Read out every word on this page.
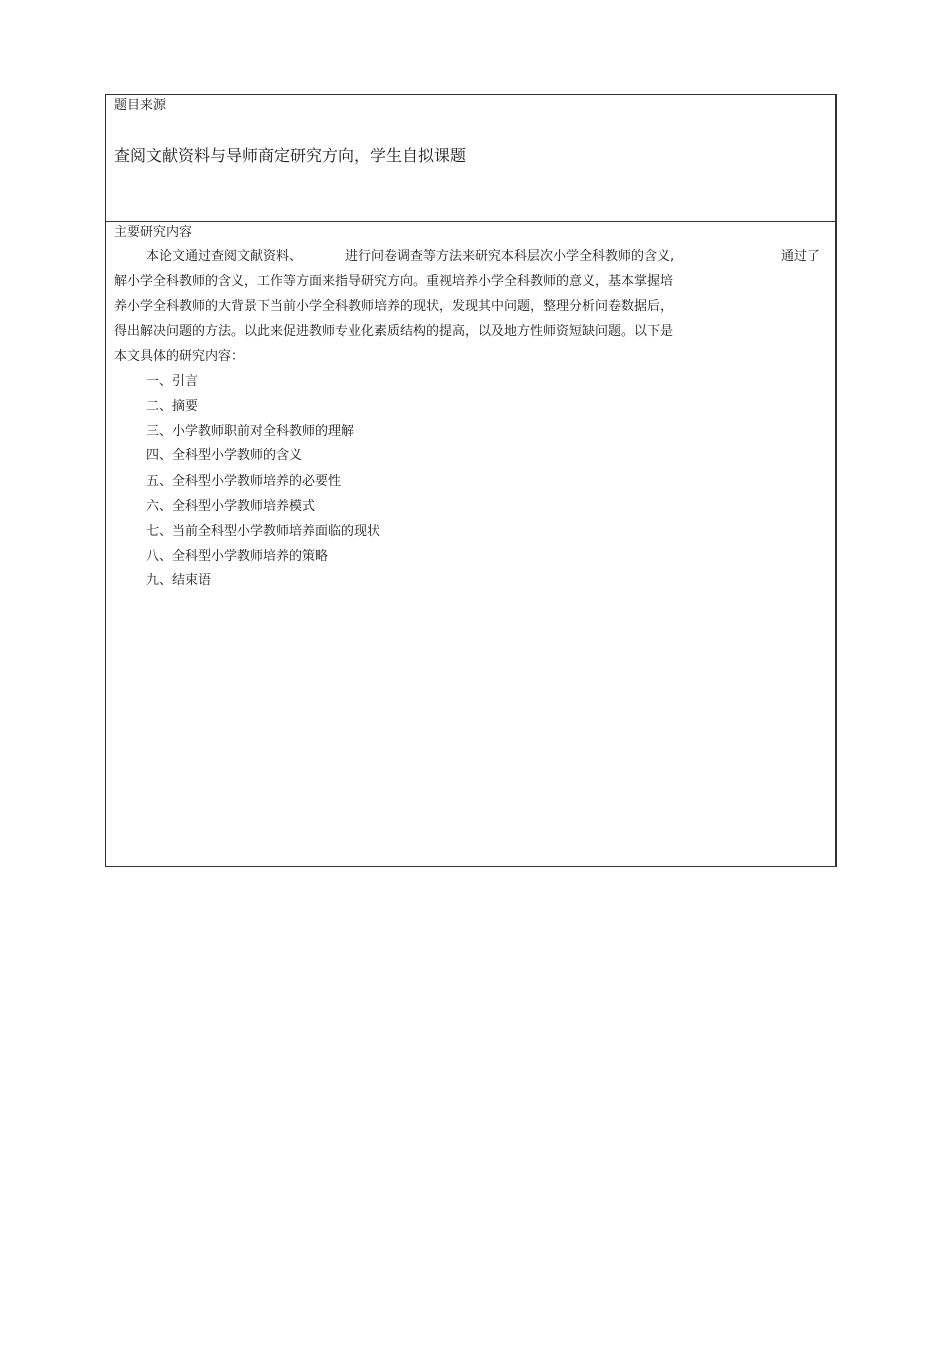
题目来源
查阅文献资料与导师商定研究方向，学生自拟课题
主要研究内容
本论文通过查阅文献资料、	进行问卷调查等方法来研究本科层次小学全科教师的含义,	通过了
解小学全科教师的含义，工作等方面来指导研究方向。重视培养小学全科教师的意义，基本掌握培
养小学全科教师的大背景下当前小学全科教师培养的现状，发现其中问题，整理分析问卷数据后，
得出解决问题的方法。以此来促进教师专业化素质结构的提高，以及地方性师资短缺问题。以下是
本文具体的研究内容：
一、引言
二、摘要
三、小学教师职前对全科教师的理解
四、全科型小学教师的含义
五、全科型小学教师培养的必要性
六、全科型小学教师培养模式
七、当前全科型小学教师培养面临的现状
八、全科型小学教师培养的策略
九、结束语
